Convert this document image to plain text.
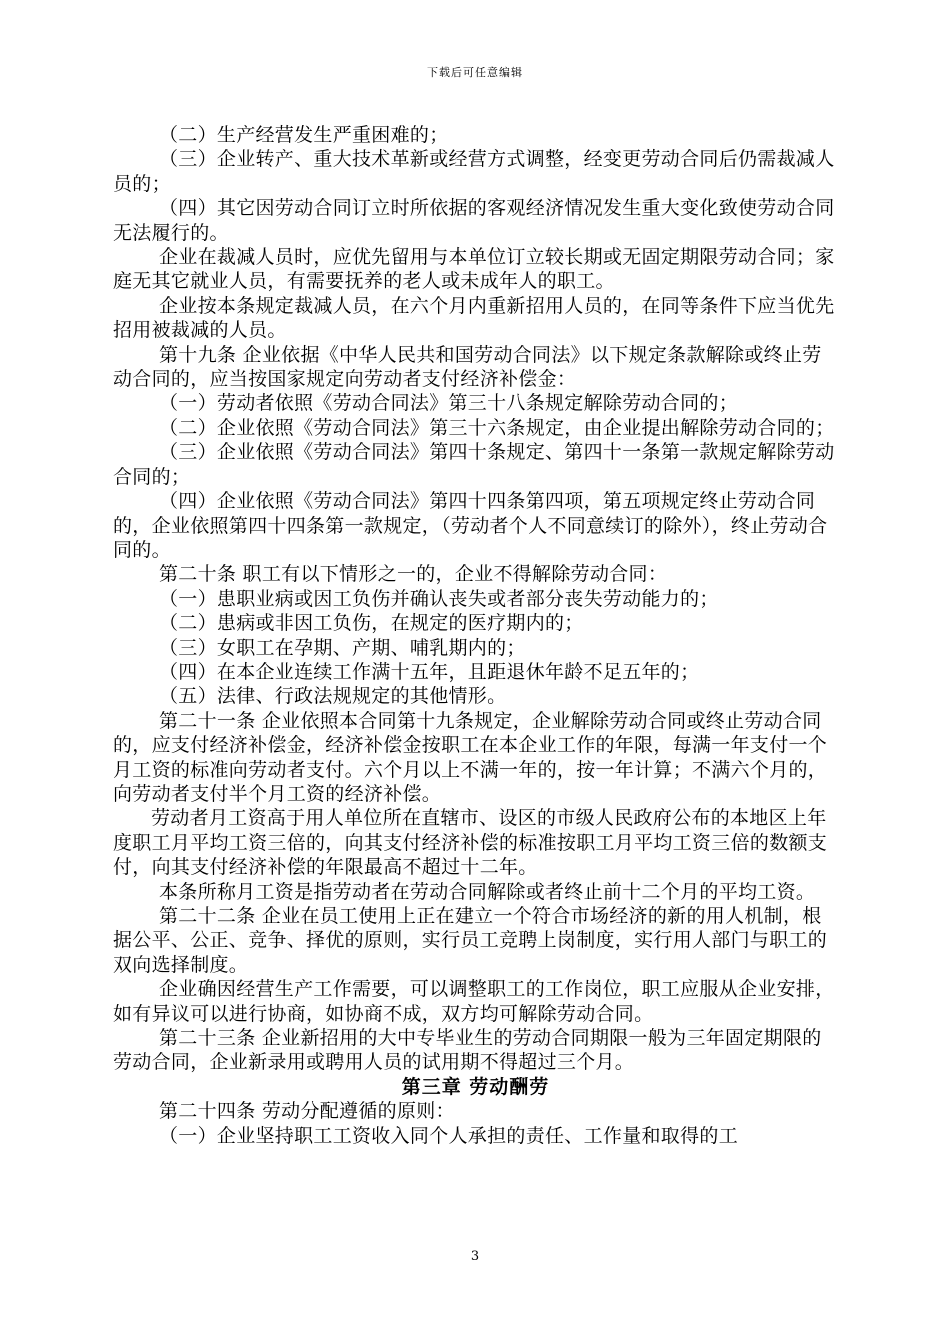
下载后可任意编辑

（二）生产经营发生严重困难的；

（三）企业转产、重大技术革新或经营方式调整，经变更劳动合同后仍需裁减人员的；

（四）其它因劳动合同订立时所依据的客观经济情况发生重大变化致使劳动合同无法履行的。

企业在裁减人员时，应优先留用与本单位订立较长期或无固定期限劳动合同；家庭无其它就业人员，有需要抚养的老人或未成年人的职工。

企业按本条规定裁减人员，在六个月内重新招用人员的，在同等条件下应当优先招用被裁减的人员。

第十九条 企业依据《中华人民共和国劳动合同法》以下规定条款解除或终止劳动合同的，应当按国家规定向劳动者支付经济补偿金：

（一）劳动者依照《劳动合同法》第三十八条规定解除劳动合同的；

（二）企业依照《劳动合同法》第三十六条规定，由企业提出解除劳动合同的；

（三）企业依照《劳动合同法》第四十条规定、第四十一条第一款规定解除劳动合同的；

（四）企业依照《劳动合同法》第四十四条第四项，第五项规定终止劳动合同的，企业依照第四十四条第一款规定，（劳动者个人不同意续订的除外），终止劳动合同的。

第二十条 职工有以下情形之一的，企业不得解除劳动合同：

（一）患职业病或因工负伤并确认丧失或者部分丧失劳动能力的；

（二）患病或非因工负伤，在规定的医疗期内的；

（三）女职工在孕期、产期、哺乳期内的；

（四）在本企业连续工作满十五年，且距退休年龄不足五年的；

（五）法律、行政法规规定的其他情形。

第二十一条 企业依照本合同第十九条规定，企业解除劳动合同或终止劳动合同的，应支付经济补偿金，经济补偿金按职工在本企业工作的年限，每满一年支付一个月工资的标准向劳动者支付。六个月以上不满一年的，按一年计算；不满六个月的，向劳动者支付半个月工资的经济补偿。

劳动者月工资高于用人单位所在直辖市、设区的市级人民政府公布的本地区上年度职工月平均工资三倍的，向其支付经济补偿的标准按职工月平均工资三倍的数额支付，向其支付经济补偿的年限最高不超过十二年。

本条所称月工资是指劳动者在劳动合同解除或者终止前十二个月的平均工资。

第二十二条 企业在员工使用上正在建立一个符合市场经济的新的用人机制，根据公平、公正、竞争、择优的原则，实行员工竞聘上岗制度，实行用人部门与职工的双向选择制度。

企业确因经营生产工作需要，可以调整职工的工作岗位，职工应服从企业安排，如有异议可以进行协商，如协商不成，双方均可解除劳动合同。

第二十三条 企业新招用的大中专毕业生的劳动合同期限一般为三年固定期限的劳动合同，企业新录用或聘用人员的试用期不得超过三个月。

第三章 劳动酬劳

第二十四条 劳动分配遵循的原则：

（一）企业坚持职工工资收入同个人承担的责任、工作量和取得的工

3
